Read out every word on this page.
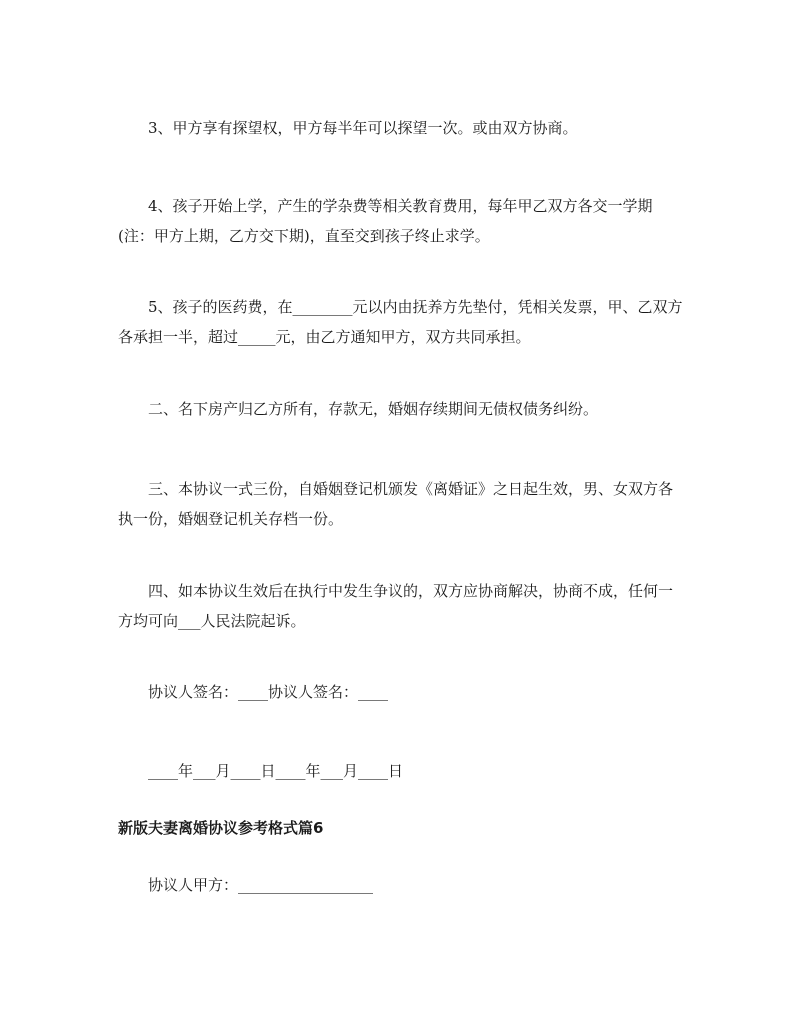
3、甲方享有探望权，甲方每半年可以探望一次。或由双方协商。

4、孩子开始上学，产生的学杂费等相关教育费用，每年甲乙双方各交一学期(注：甲方上期，乙方交下期)，直至交到孩子终止求学。

5、孩子的医药费，在________元以内由抚养方先垫付，凭相关发票，甲、乙双方各承担一半，超过_____元，由乙方通知甲方，双方共同承担。

二、名下房产归乙方所有，存款无，婚姻存续期间无债权债务纠纷。

三、本协议一式三份，自婚姻登记机颁发《离婚证》之日起生效，男、女双方各执一份，婚姻登记机关存档一份。

四、如本协议生效后在执行中发生争议的，双方应协商解决，协商不成，任何一方均可向___人民法院起诉。

协议人签名：____协议人签名：____

____年___月____日____年___月____日

新版夫妻离婚协议参考格式篇6

协议人甲方：__________________
